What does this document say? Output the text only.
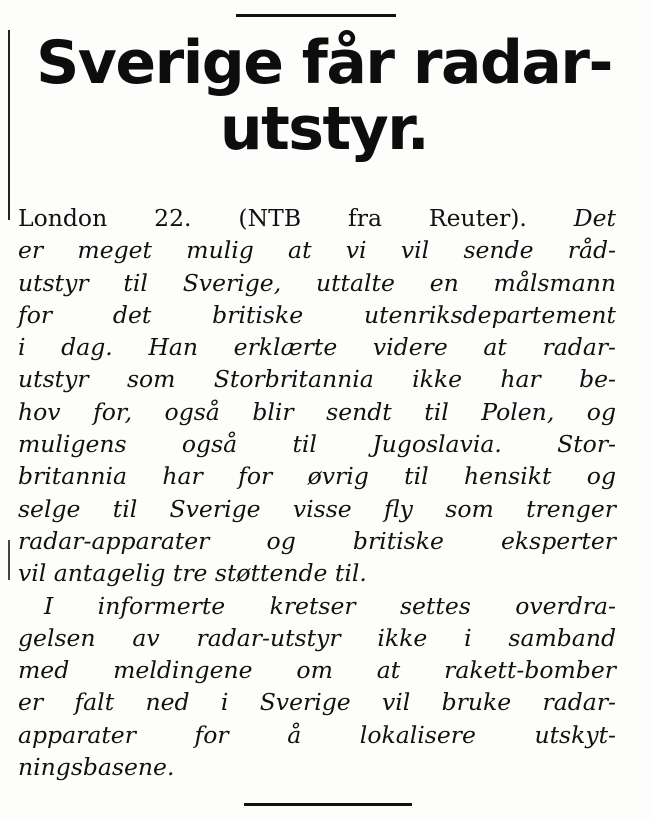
Sverige får radar-
utstyr.
London 22. (NTB fra Reuter). Det
er meget mulig at vi vil sende råd-
utstyr til Sverige, uttalte en målsmann
for det britiske utenriksdepartement
i dag. Han erklærte videre at radar-
utstyr som Storbritannia ikke har be-
hov for, også blir sendt til Polen, og
muligens også til Jugoslavia. Stor-
britannia har for øvrig til hensikt og
selge til Sverige visse fly som trenger
radar-apparater og britiske eksperter
vil antagelig tre støttende til.
I informerte kretser settes overdra-
gelsen av radar-utstyr ikke i samband
med meldingene om at rakett-bomber
er falt ned i Sverige vil bruke radar-
apparater for å lokalisere utskyt-
ningsbasene.
